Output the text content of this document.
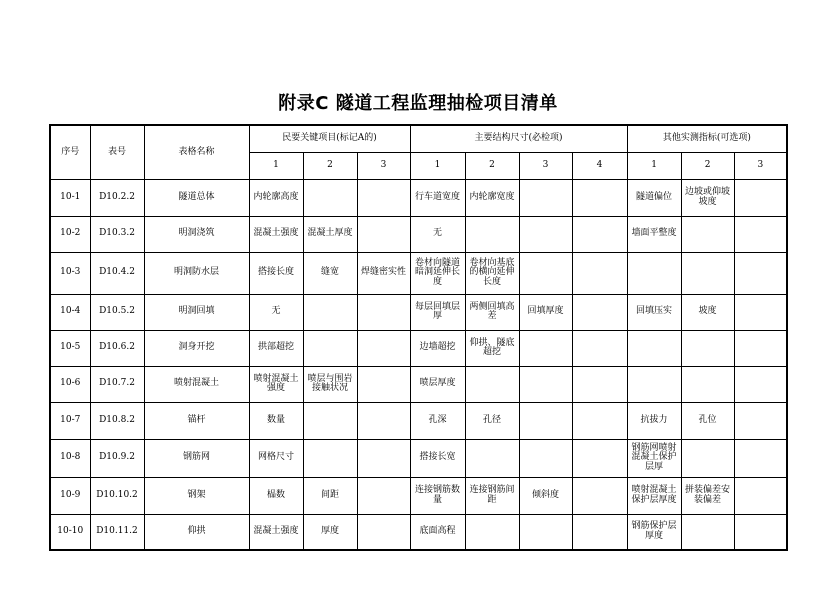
附录C 隧道工程监理抽检项目清单
序号	表号	表格名称	民要关键项目(标记A的)			主要结构尺寸(必检项)				其他实测指标(可选项)		
			1	2	3	1	2	3	4	1	2	3
10-1	D10.2.2	隧道总体	内轮廓高度			行车道宽度	内轮廓宽度			隧道偏位	边坡或仰坡坡度	
10-2	D10.3.2	明洞浇筑	混凝土强度	混凝土厚度		无				墙面平整度		
10-3	D10.4.2	明洞防水层	搭接长度	缝宽	焊缝密实性	卷材向隧道暗洞延伸长度	卷材向基底的横向延伸长度					
10-4	D10.5.2	明洞回填	无			每层回填层厚	两侧回填高差	回填厚度		回填压实	坡度	
10-5	D10.6.2	洞身开挖	拱部超挖			边墙超挖	仰拱、隧底超挖					
10-6	D10.7.2	喷射混凝土	喷射混凝土强度	喷层与围岩接触状况		喷层厚度						
10-7	D10.8.2	锚杆	数量			孔深	孔径			抗拔力	孔位	
10-8	D10.9.2	钢筋网	网格尺寸			搭接长宽				钢筋网喷射混凝土保护层厚		
10-9	D10.10.2	钢架	榀数	间距		连接钢筋数量	连接钢筋间距	倾斜度		喷射混凝土保护层厚度	拼装偏差安装偏差	
10-10	D10.11.2	仰拱	混凝土强度	厚度		底面高程				钢筋保护层厚度		
